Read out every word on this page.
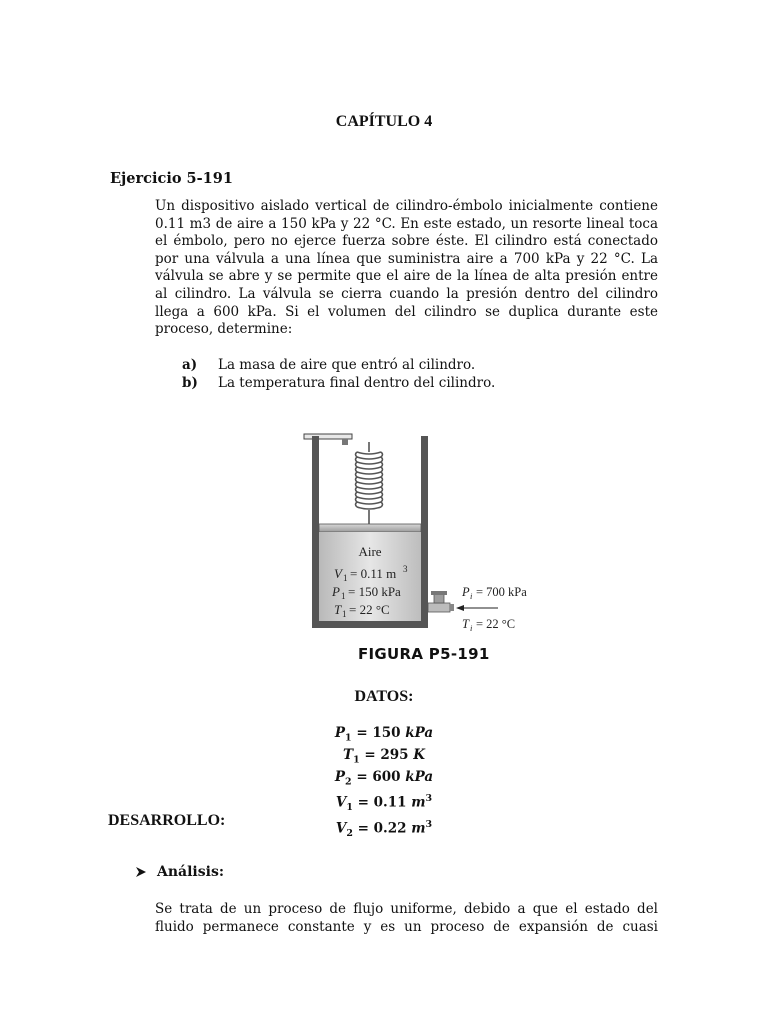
CAPÍTULO 4
Ejercicio 5-191
Un dispositivo aislado vertical de cilindro-émbolo inicialmente contiene 0.11 m3 de aire a 150 kPa y 22 °C. En este estado, un resorte lineal toca el émbolo, pero no ejerce fuerza sobre éste. El cilindro está conectado por una válvula a una línea que suministra aire a 700 kPa y 22 °C. La válvula se abre y se permite que el aire de la línea de alta presión entre al cilindro. La válvula se cierra cuando la presión dentro del cilindro llega a 600 kPa. Si el volumen del cilindro se duplica durante este proceso, determine:
a)	La masa de aire que entró al cilindro.
b)	La temperatura final dentro del cilindro.
Aire
V 1 = 0.11 m 3
P 1 = 150 kPa
T 1 = 22 °C
P i = 700 kPa
T i = 22 °C
FIGURA P5-191
DATOS:
$P_1 = 150$ kPa
$T_1 = 295$ K
$P_2 = 600$ kPa
$V_1 = 0.11$ $m^3$
$V_2 = 0.22$ $m^3$
DESARROLLO:
Análisis:
Se trata de un proceso de flujo uniforme, debido a que el estado del fluido permanece constante y es un proceso de expansión de cuasi
